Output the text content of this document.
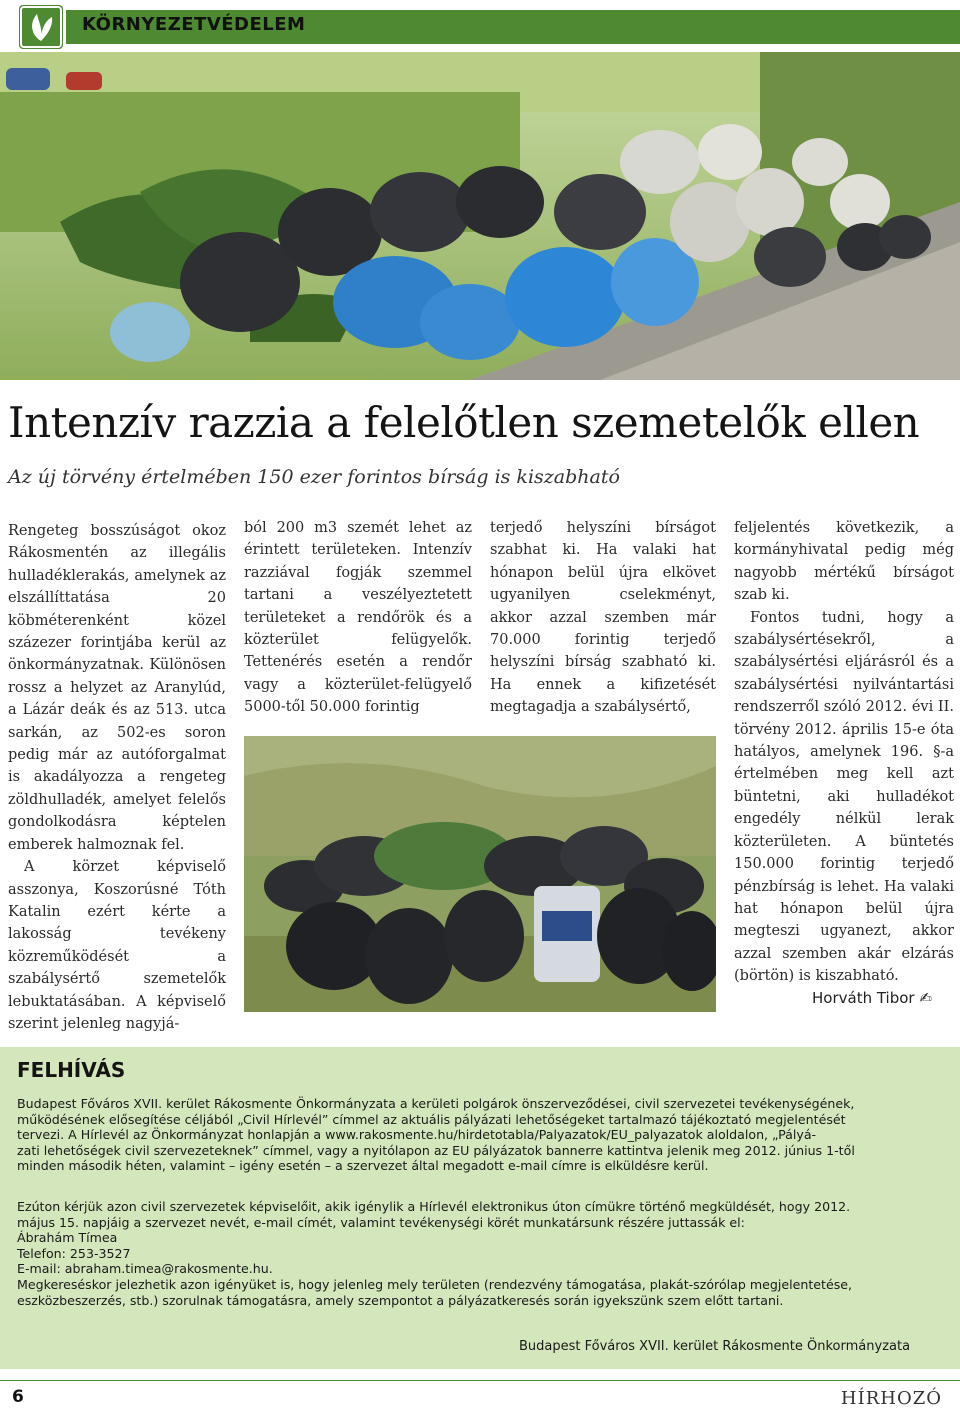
KÖRNYEZETVÉDELEM
Intenzív razzia a felelőtlen szemetelők ellen
Az új törvény értelmében 150 ezer forintos bírság is kiszabható

Rengeteg bosszúságot okoz Rákosmentén az illegális hulladéklerakás, amelynek az elszállíttatása 20 köbméterenként közel százezer forintjába kerül az önkormányzatnak. Különösen rossz a helyzet az Aranylúd, a Lázár deák és az 513. utca sarkán, az 502-es soron pedig már az autóforgalmat is akadályozza a rengeteg zöldhulladék, amelyet felelős gondolkodásra képtelen emberek halmoznak fel.

A körzet képviselő asszonya, Koszorúsné Tóth Katalin ezért kérte a lakosság tevékeny közreműködését a szabálysértő szemetelők lebuktatásában. A képviselő szerint jelenleg nagyjá-

ból 200 m3 szemét lehet az érintett területeken. Intenzív razziával fogják szemmel tartani a veszélyeztetett területeket a rendőrök és a közterület felügyelők. Tettenérés esetén a rendőr vagy a közterület-felügyelő 5000-től 50.000 forintig

terjedő helyszíni bírságot szabhat ki. Ha valaki hat hónapon belül újra elkövet ugyanilyen cselekményt, akkor azzal szemben már 70.000 forintig terjedő helyszíni bírság szabható ki. Ha ennek a kifizetését megtagadja a szabálysértő,

feljelentés következik, a kormányhivatal pedig még nagyobb mértékű bírságot szab ki.

Fontos tudni, hogy a szabálysértésekről, a szabálysértési eljárásról és a szabálysértési nyilvántartási rendszerről szóló 2012. évi II. törvény 2012. április 15-e óta hatályos, amelynek 196. §-a értelmében meg kell azt büntetni, aki hulladékot engedély nélkül lerak közterületen. A büntetés 150.000 forintig terjedő pénzbírság is lehet. Ha valaki hat hónapon belül újra megteszi ugyanezt, akkor azzal szemben akár elzárás (börtön) is kiszabható.

Horváth Tibor ✍
FELHÍVÁS
Budapest Főváros XVII. kerület Rákosmente Önkormányzata a kerületi polgárok önszerveződései, civil szervezetei tevékenységének,
működésének elősegítése céljából „Civil Hírlevél” címmel az aktuális pályázati lehetőségeket tartalmazó tájékoztató megjelentését
tervezi. A Hírlevél az Önkormányzat honlapján a www.rakosmente.hu/hirdetotabla/Palyazatok/EU_palyazatok aloldalon, „Pályá-
zati lehetőségek civil szervezeteknek” címmel, vagy a nyitólapon az EU pályázatok bannerre kattintva jelenik meg 2012. június 1-től
minden második héten, valamint – igény esetén – a szervezet által megadott e-mail címre is elküldésre kerül.
Ezúton kérjük azon civil szervezetek képviselőit, akik igénylik a Hírlevél elektronikus úton címükre történő megküldését, hogy 2012.
május 15. napjáig a szervezet nevét, e-mail címét, valamint tevékenységi körét munkatársunk részére juttassák el:
Ábrahám Tímea
Telefon: 253-3527
E-mail: abraham.timea@rakosmente.hu.
Megkereséskor jelezhetik azon igényüket is, hogy jelenleg mely területen (rendezvény támogatása, plakát-szórólap megjelentetése,
eszközbeszerzés, stb.) szorulnak támogatásra, amely szempontot a pályázatkeresés során igyekszünk szem előtt tartani.
Budapest Főváros XVII. kerület Rákosmente Önkormányzata
6	HÍRHOZÓ
